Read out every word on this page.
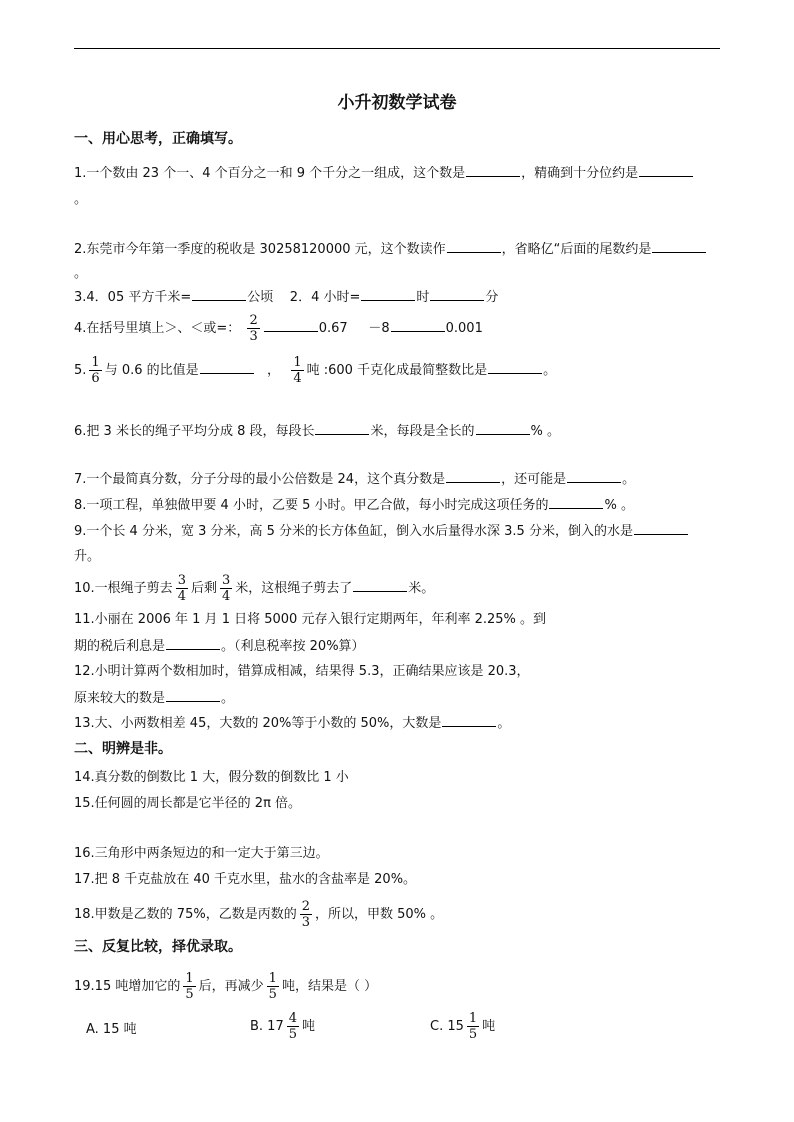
小升初数学试卷
一、用心思考，正确填写。
1.一个数由 23 个一、4 个百分之一和 9 个千分之一组成，这个数是	，精确到十分位约是
。
2.东莞市今年第一季度的税收是 30258120000 元，这个数读作	，省略亿“后面的尾数约是
。
3.4．05 平方千米=	公顷 2．4 小时=	时	分
4.在括号里填上＞、＜或=： $\frac{2}{3}$	0.67 －8	0.001
5. $\frac{1}{6}$ 与 0.6 的比值是	， $\frac{1}{4}$ 吨 :600 千克化成最简整数比是	。
6.把 3 米长的绳子平均分成 8 段，每段长	米，每段是全长的	% 。
7.一个最简真分数，分子分母的最小公倍数是 24，这个真分数是	，还可能是	。
8.一项工程，单独做甲要 4 小时，乙要 5 小时。甲乙合做，每小时完成这项任务的	% 。
9.一个长 4 分米，宽 3 分米，高 5 分米的长方体鱼缸，倒入水后量得水深 3.5 分米，倒入的水是
升。
10.一根绳子剪去 $\frac{3}{4}$ 后剩 $\frac{3}{4}$ 米，这根绳子剪去了	米。
11.小丽在 2006 年 1 月 1 日将 5000 元存入银行定期两年，年利率 2.25% 。到
期的税后利息是	。（利息税率按 20%算）
12.小明计算两个数相加时，错算成相减，结果得 5.3，正确结果应该是 20.3，
原来较大的数是	。
13.大、小两数相差 45，大数的 20%等于小数的 50%，大数是	。
二、明辨是非。
14.真分数的倒数比 1 大，假分数的倒数比 1 小
15.任何圆的周长都是它半径的 2π 倍。
16.三角形中两条短边的和一定大于第三边。
17.把 8 千克盐放在 40 千克水里，盐水的含盐率是 20%。
18.甲数是乙数的 75%，乙数是丙数的 $\frac{2}{3}$ ，所以，甲数 50% 。
三、反复比较，择优录取。
19.15 吨增加它的 $\frac{1}{5}$ 后，再减少 $\frac{1}{5}$ 吨，结果是（ ）
A. 15 吨	B. $17 \frac{4}{5}$ 吨	C. $15 \frac{1}{5}$ 吨
